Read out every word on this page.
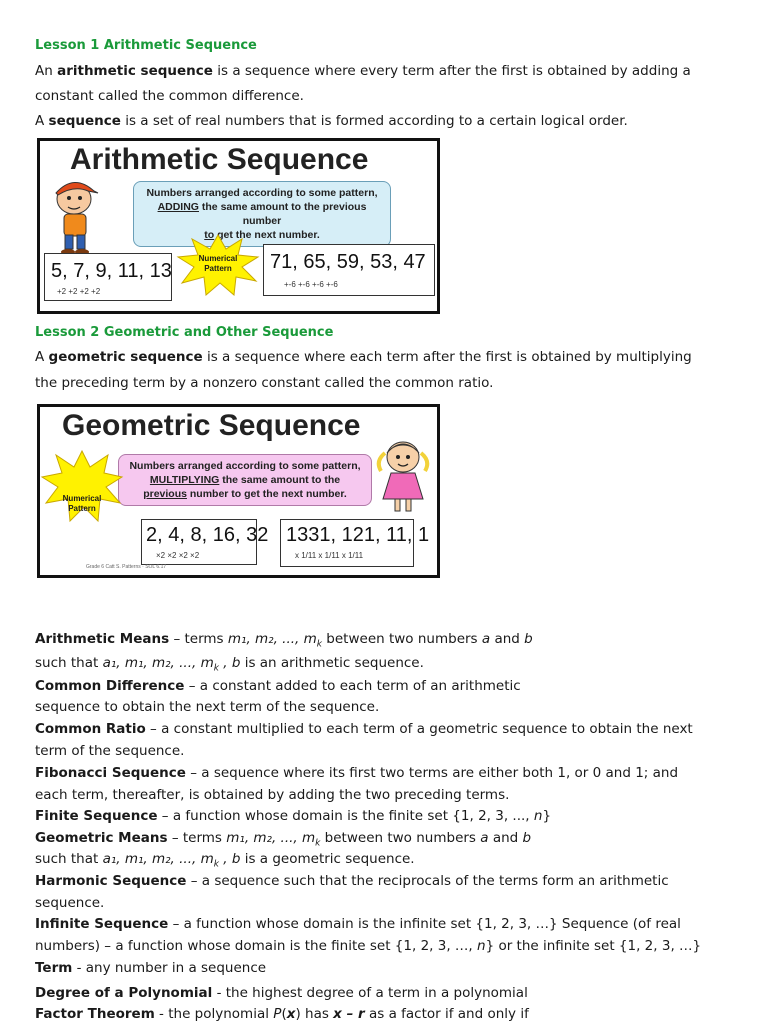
Lesson 1 Arithmetic Sequence
An arithmetic sequence is a sequence where every term after the first is obtained by adding a
constant called the common difference.
A sequence is a set of real numbers that is formed according to a certain logical order.
Arithmetic Sequence
Numbers arranged according to some pattern,
ADDING the same amount to the previous number
to get the next number.
Numerical Pattern
5, 7, 9, 11, 13
+2 +2 +2 +2
71, 65, 59, 53, 47
+-6 +-6 +-6 +-6
Lesson 2 Geometric and Other Sequence
A geometric sequence is a sequence where each term after the first is obtained by multiplying
the preceding term by a nonzero constant called the common ratio.
Geometric Sequence
Numbers arranged according to some pattern,
MULTIPLYING the same amount to the
previous number to get the next number.
Numerical Pattern
2, 4, 8, 16, 32
×2 ×2 ×2 ×2
1331, 121, 11, 1
x 1/11 x 1/11 x 1/11
Grade 6 Catt S. Patterns · SOL 6.17
Arithmetic Means – terms m₁, m₂, ..., $m_k$ between two numbers a and b
such that a₁, m₁, m₂, ..., $m_k$ , b is an arithmetic sequence.
Common Difference – a constant added to each term of an arithmetic
sequence to obtain the next term of the sequence.
Common Ratio – a constant multiplied to each term of a geometric sequence to obtain the next
term of the sequence.
Fibonacci Sequence – a sequence where its first two terms are either both 1, or 0 and 1; and
each term, thereafter, is obtained by adding the two preceding terms.
Finite Sequence – a function whose domain is the finite set {1, 2, 3, ..., n}
Geometric Means – terms m₁, m₂, ..., $m_k$ between two numbers a and b
such that a₁, m₁, m₂, ..., $m_k$ , b is a geometric sequence.
Harmonic Sequence – a sequence such that the reciprocals of the terms form an arithmetic
sequence.
Infinite Sequence – a function whose domain is the infinite set {1, 2, 3, …} Sequence (of real
numbers) – a function whose domain is the finite set {1, 2, 3, …, n} or the infinite set {1, 2, 3, …}
Term - any number in a sequence
Degree of a Polynomial - the highest degree of a term in a polynomial
Factor Theorem - the polynomial P(x) has x – r as a factor if and only if
